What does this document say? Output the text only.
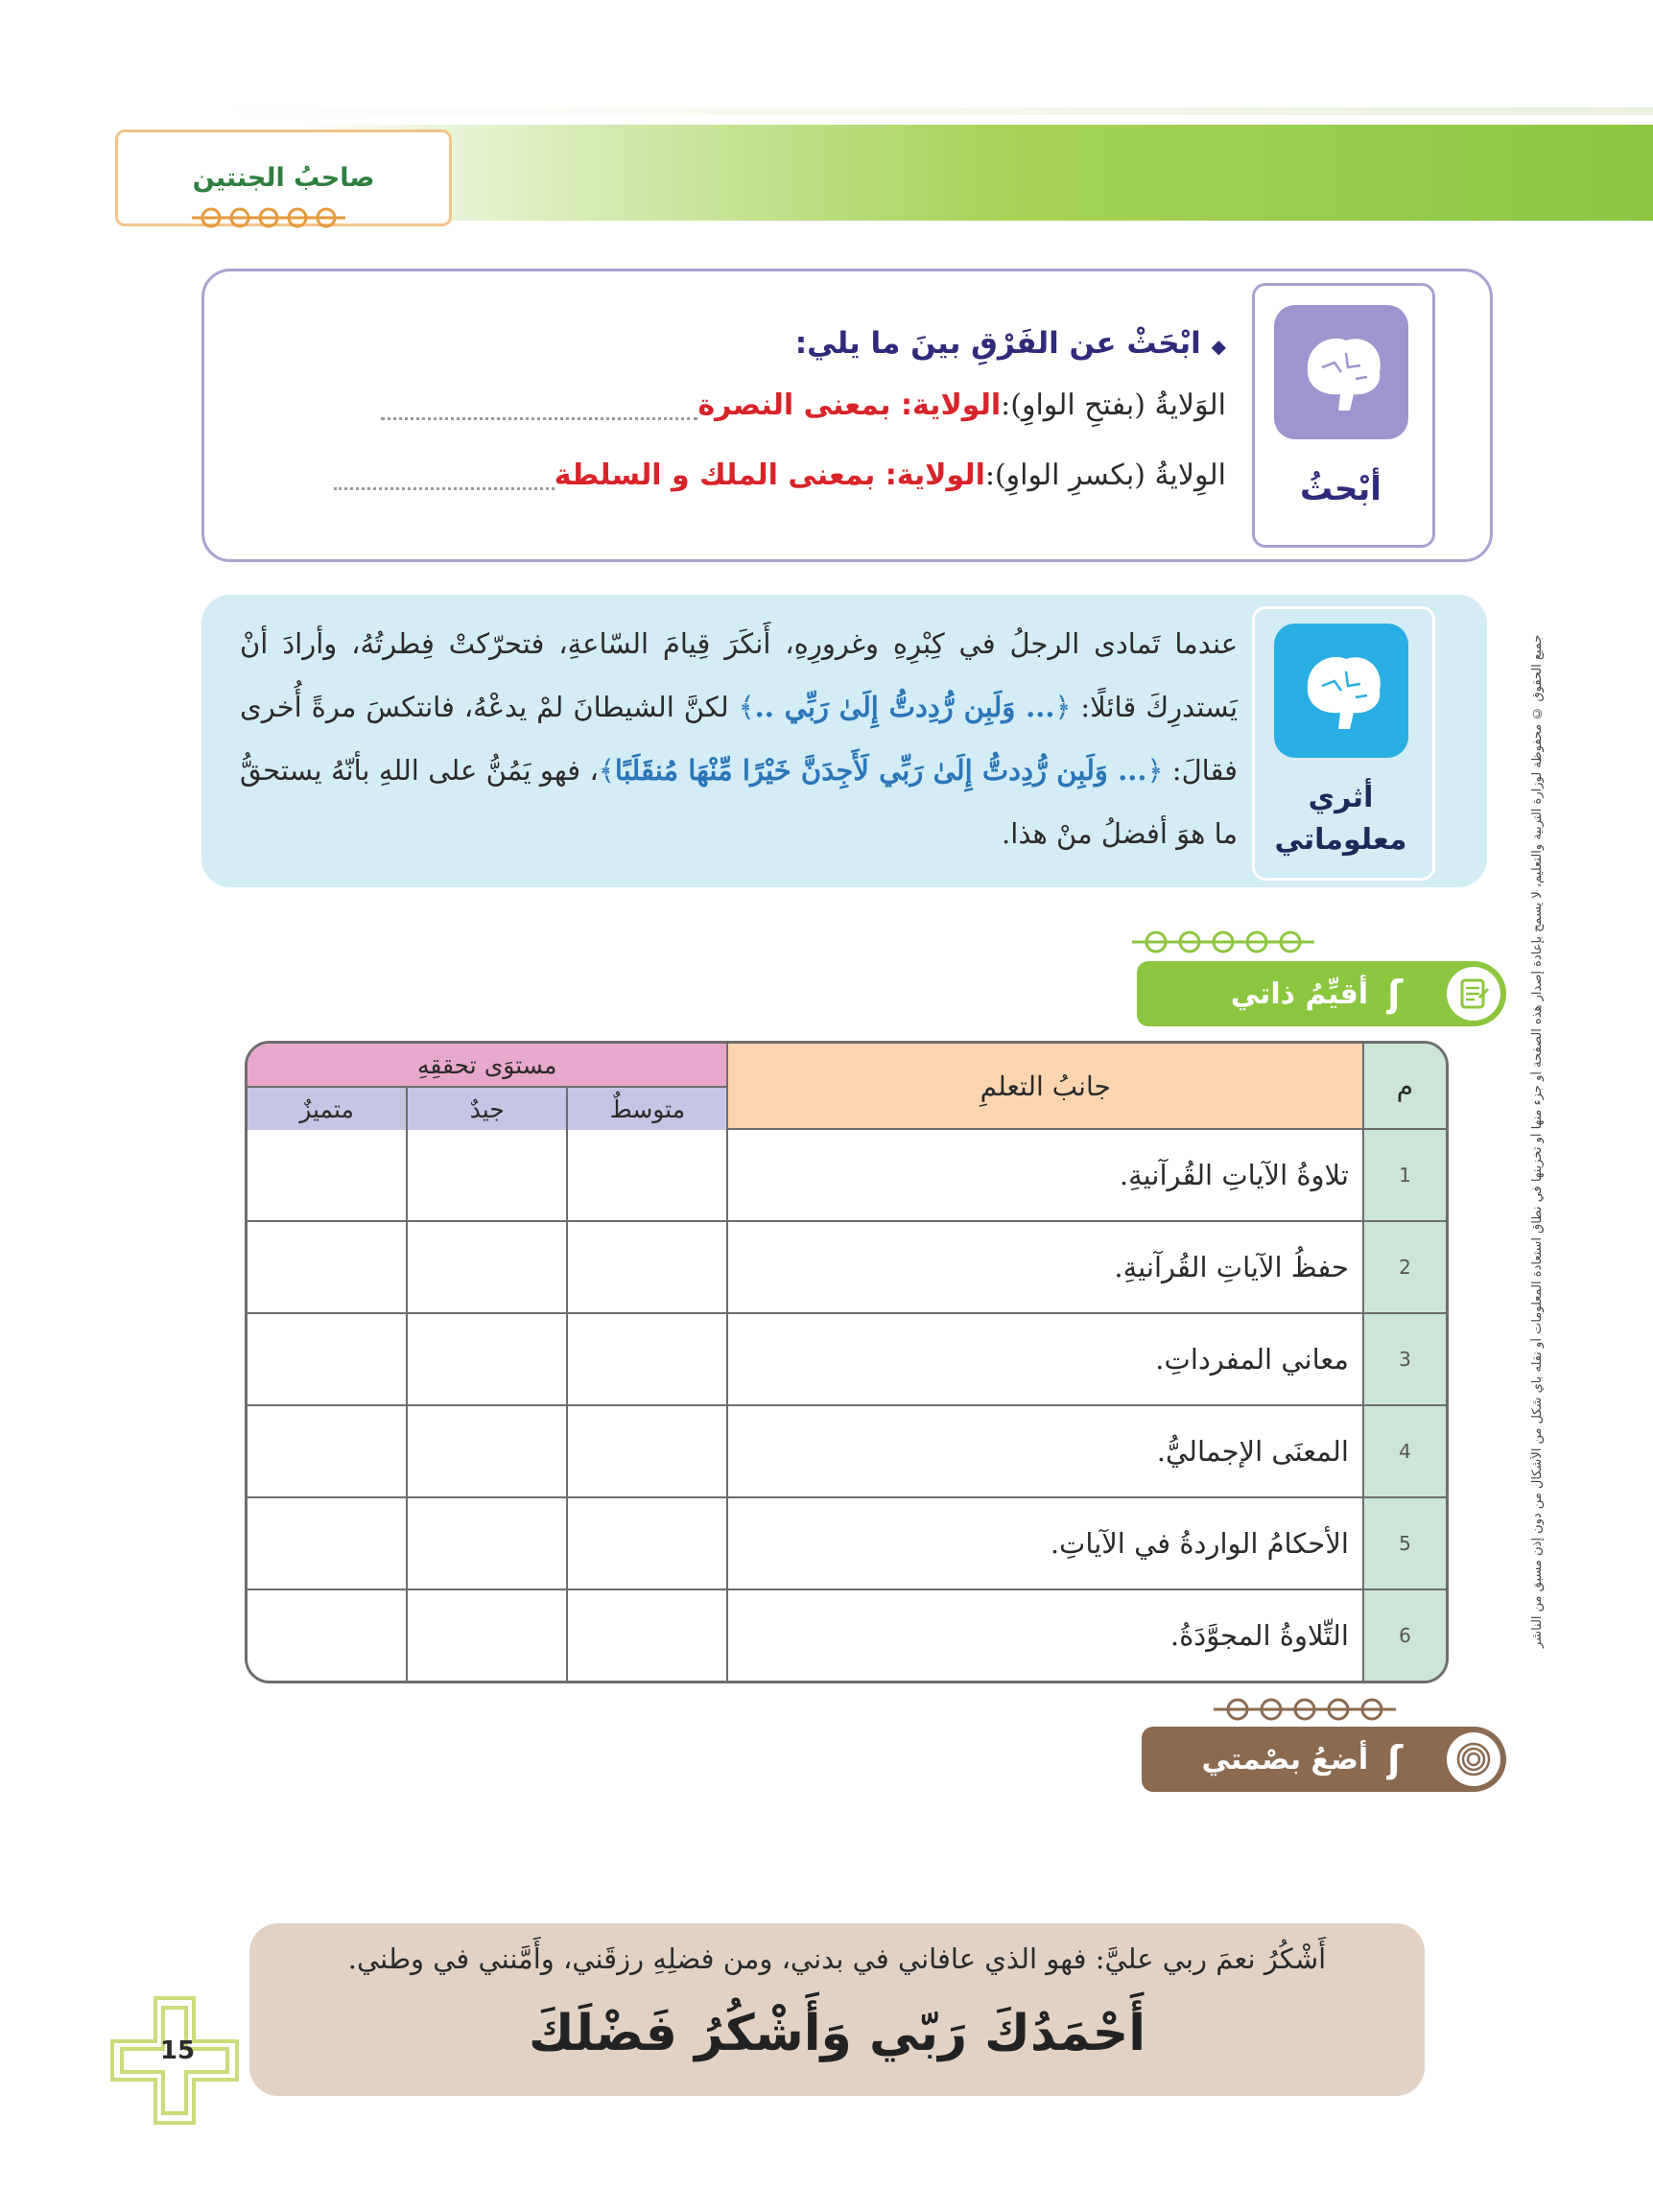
صاحبُ الجنتين
أبْحثُ
◆ ابْحَثْ عن الفَرْقِ بينَ ما يلي:
الوَلايةُ (بفتحِ الواوِ):الولاية: بمعنى النصرة
الوِلايةُ (بكسرِ الواوِ):الولاية: بمعنى الملك و السلطة
أثري
معلوماتي
عندما تَمادى الرجلُ في كِبْرِهِ وغرورِهِ، أَنكَرَ قِيامَ السّاعةِ، فتحرّكتْ فِطرتُهُ، وأرادَ أنْ يَستدرِكَ قائلًا: ﴿... وَلَبِن رُّدِدتُّ إِلَىٰ رَبِّي ..﴾ لكنَّ الشيطانَ لمْ يدعْهُ، فانتكسَ مرةً أُخرى فقالَ: ﴿... وَلَبِن رُّدِدتُّ إِلَىٰ رَبِّي لَأَجِدَنَّ خَيْرًا مِّنْهَا مُنقَلَبًا﴾، فهو يَمُنُّ على اللهِ بأنّهُ يستحقُّ ما هوَ أفضلُ منْ هذا.
ʃ
أقيِّمُ ذاتي
م	جانبُ التعلمِ	مستوَى تحققِهِ		
		متوسطٌ	جيدٌ	متميزٌ
1	تلاوةُ الآياتِ القُرآنيةِ.			
2	حفظُ الآياتِ القُرآنيةِ.			
3	معاني المفرداتِ.			
4	المعنَى الإجماليُّ.			
5	الأحكامُ الواردةُ في الآياتِ.			
6	التِّلاوةُ المجوَّدَةُ.			
ʃ
أضعُ بصْمتي
أَشْكُرُ نعمَ ربي عليَّ: فهو الذي عافاني في بدني، ومن فضلِهِ رزقَني، وأَمَّنني في وطني.
أَحْمَدُكَ رَبّي وَأَشْكُرُ فَضْلَكَ
جميع الحقوق © محفوظة لوزارة التربية والتعليم، لا يسمح بإعادة إصدار هذه الصفحة أو جزء منها أو تخزينها في نطاق استعادة المعلومات أو نقله بأي شكل من الأشكال من دون إذن مسبق من الناشر
15
